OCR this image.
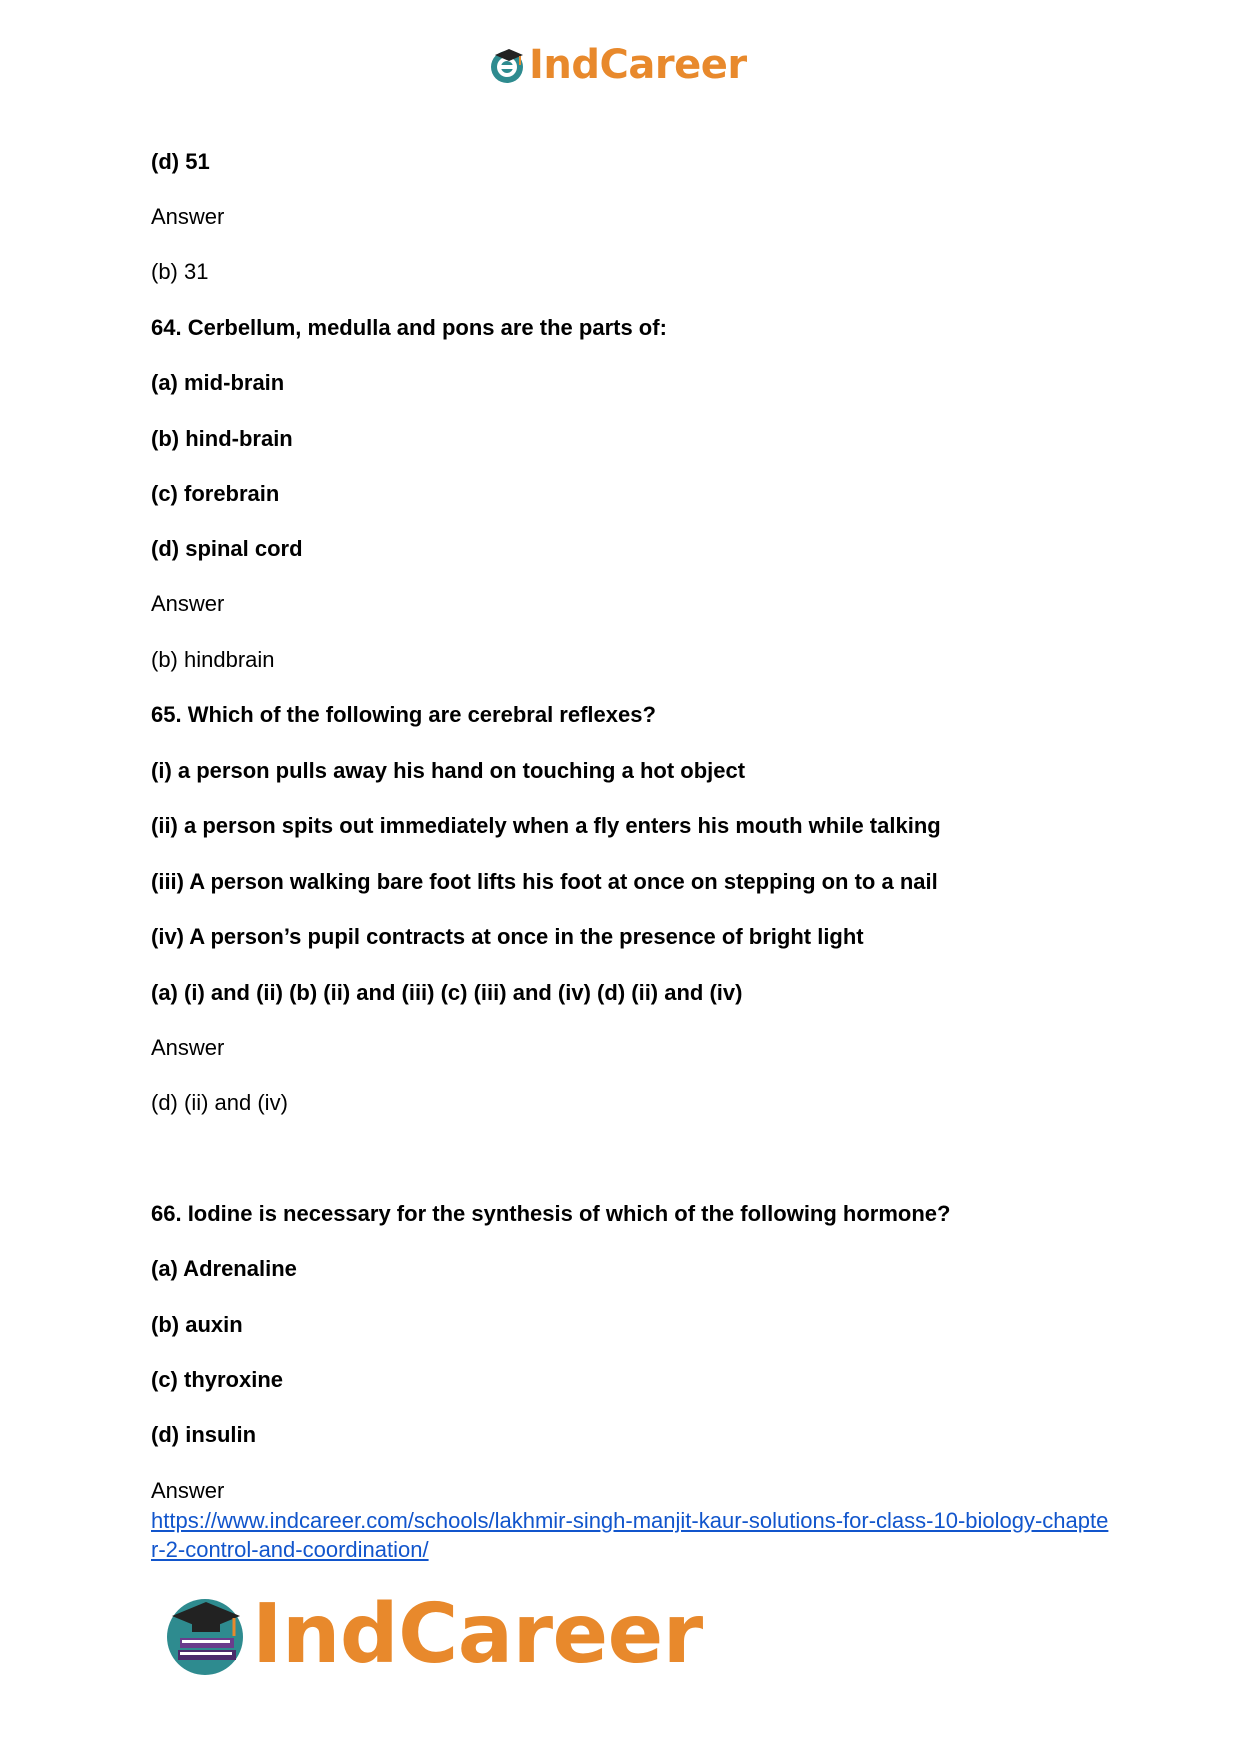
IndCareer
(d) 51
Answer
(b) 31
64. Cerbellum, medulla and pons are the parts of:
(a) mid-brain
(b) hind-brain
(c) forebrain
(d) spinal cord
Answer
(b) hindbrain
65. Which of the following are cerebral reflexes?
(i) a person pulls away his hand on touching a hot object
(ii) a person spits out immediately when a fly enters his mouth while talking
(iii) A person walking bare foot lifts his foot at once on stepping on to a nail
(iv) A person’s pupil contracts at once in the presence of bright light
(a) (i) and (ii) (b) (ii) and (iii) (c) (iii) and (iv) (d) (ii) and (iv)
Answer
(d) (ii) and (iv)
66. Iodine is necessary for the synthesis of which of the following hormone?
(a) Adrenaline
(b) auxin
(c) thyroxine
(d) insulin
Answer
https://www.indcareer.com/schools/lakhmir-singh-manjit-kaur-solutions-for-class-10-biology-chapter-2-control-and-coordination/
IndCareer
